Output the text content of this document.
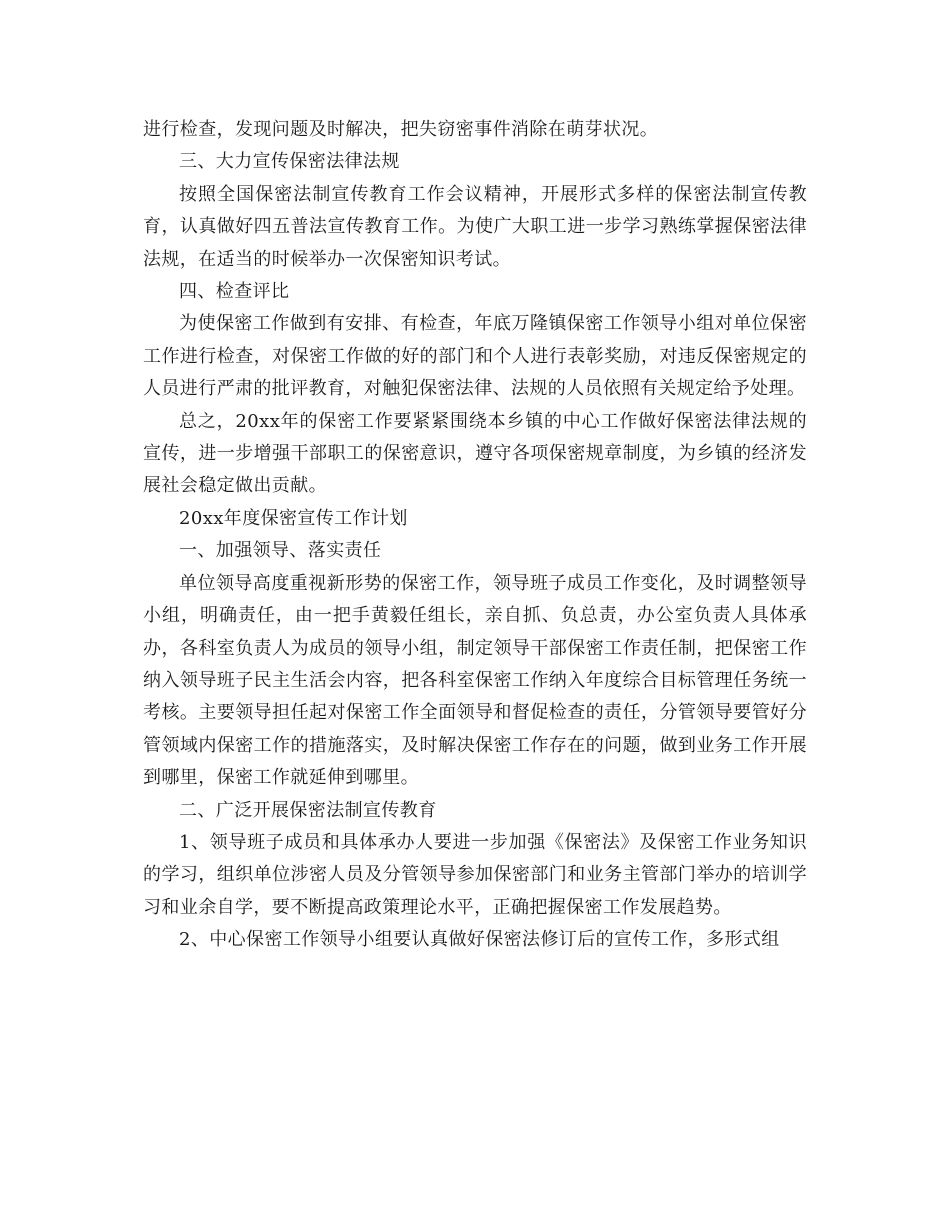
进行检查，发现问题及时解决，把失窃密事件消除在萌芽状况。

三、大力宣传保密法律法规

按照全国保密法制宣传教育工作会议精神，开展形式多样的保密法制宣传教育，认真做好四五普法宣传教育工作。为使广大职工进一步学习熟练掌握保密法律法规，在适当的时候举办一次保密知识考试。

四、检查评比

为使保密工作做到有安排、有检查，年底万隆镇保密工作领导小组对单位保密工作进行检查，对保密工作做的好的部门和个人进行表彰奖励，对违反保密规定的人员进行严肃的批评教育，对触犯保密法律、法规的人员依照有关规定给予处理。

总之，20xx年的保密工作要紧紧围绕本乡镇的中心工作做好保密法律法规的宣传，进一步增强干部职工的保密意识，遵守各项保密规章制度，为乡镇的经济发展社会稳定做出贡献。

20xx年度保密宣传工作计划

一、加强领导、落实责任

单位领导高度重视新形势的保密工作，领导班子成员工作变化，及时调整领导小组，明确责任，由一把手黄毅任组长，亲自抓、负总责，办公室负责人具体承办，各科室负责人为成员的领导小组，制定领导干部保密工作责任制，把保密工作纳入领导班子民主生活会内容，把各科室保密工作纳入年度综合目标管理任务统一考核。主要领导担任起对保密工作全面领导和督促检查的责任，分管领导要管好分管领域内保密工作的措施落实，及时解决保密工作存在的问题，做到业务工作开展到哪里，保密工作就延伸到哪里。

二、广泛开展保密法制宣传教育

1、领导班子成员和具体承办人要进一步加强《保密法》及保密工作业务知识的学习，组织单位涉密人员及分管领导参加保密部门和业务主管部门举办的培训学习和业余自学，要不断提高政策理论水平，正确把握保密工作发展趋势。

2、中心保密工作领导小组要认真做好保密法修订后的宣传工作，多形式组
